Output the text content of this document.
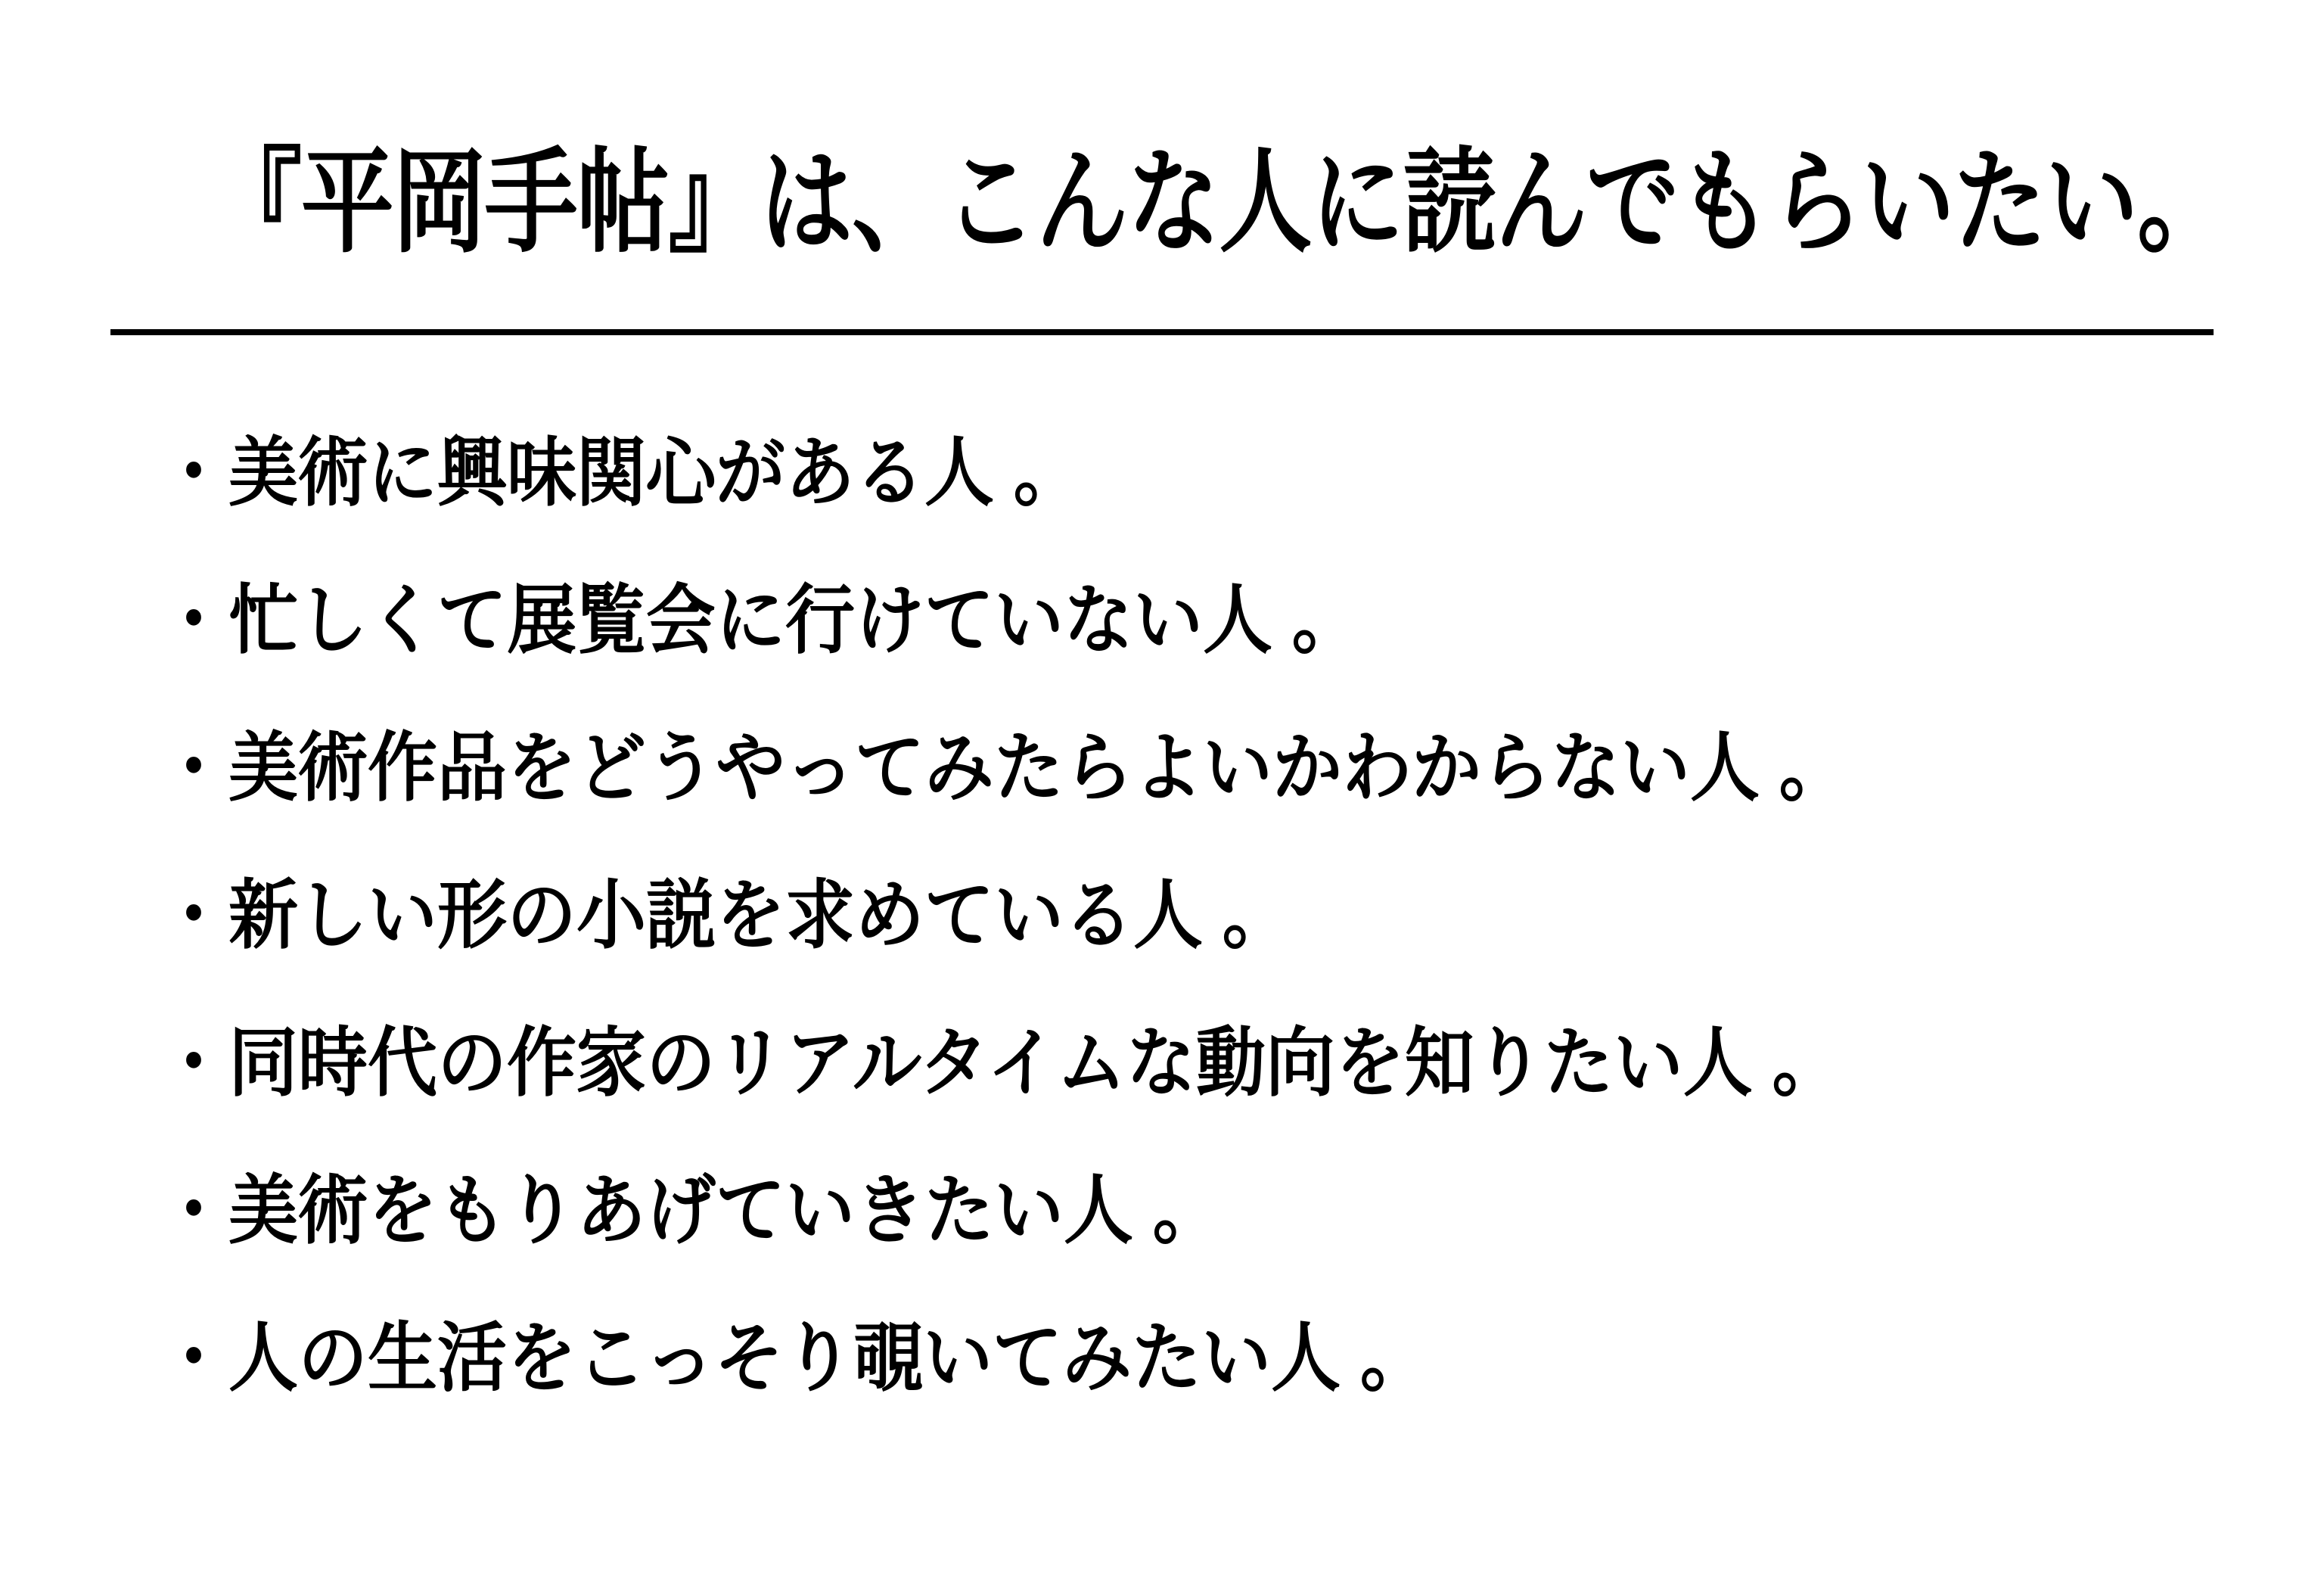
『平岡手帖』は、こんな人に読んでもらいたい。
・美術に興味関心がある人 。
・忙しくて展覧会に行けていない人 。
・美術作品をどうやってみたらよいかわからない人 。
・新しい形の小説を求めている人 。
・同時代の作家のリアルタイムな動向を知りたい人 。
・美術をもりあげていきたい人 。
・人の生活をこっそり覗いてみたい人 。
